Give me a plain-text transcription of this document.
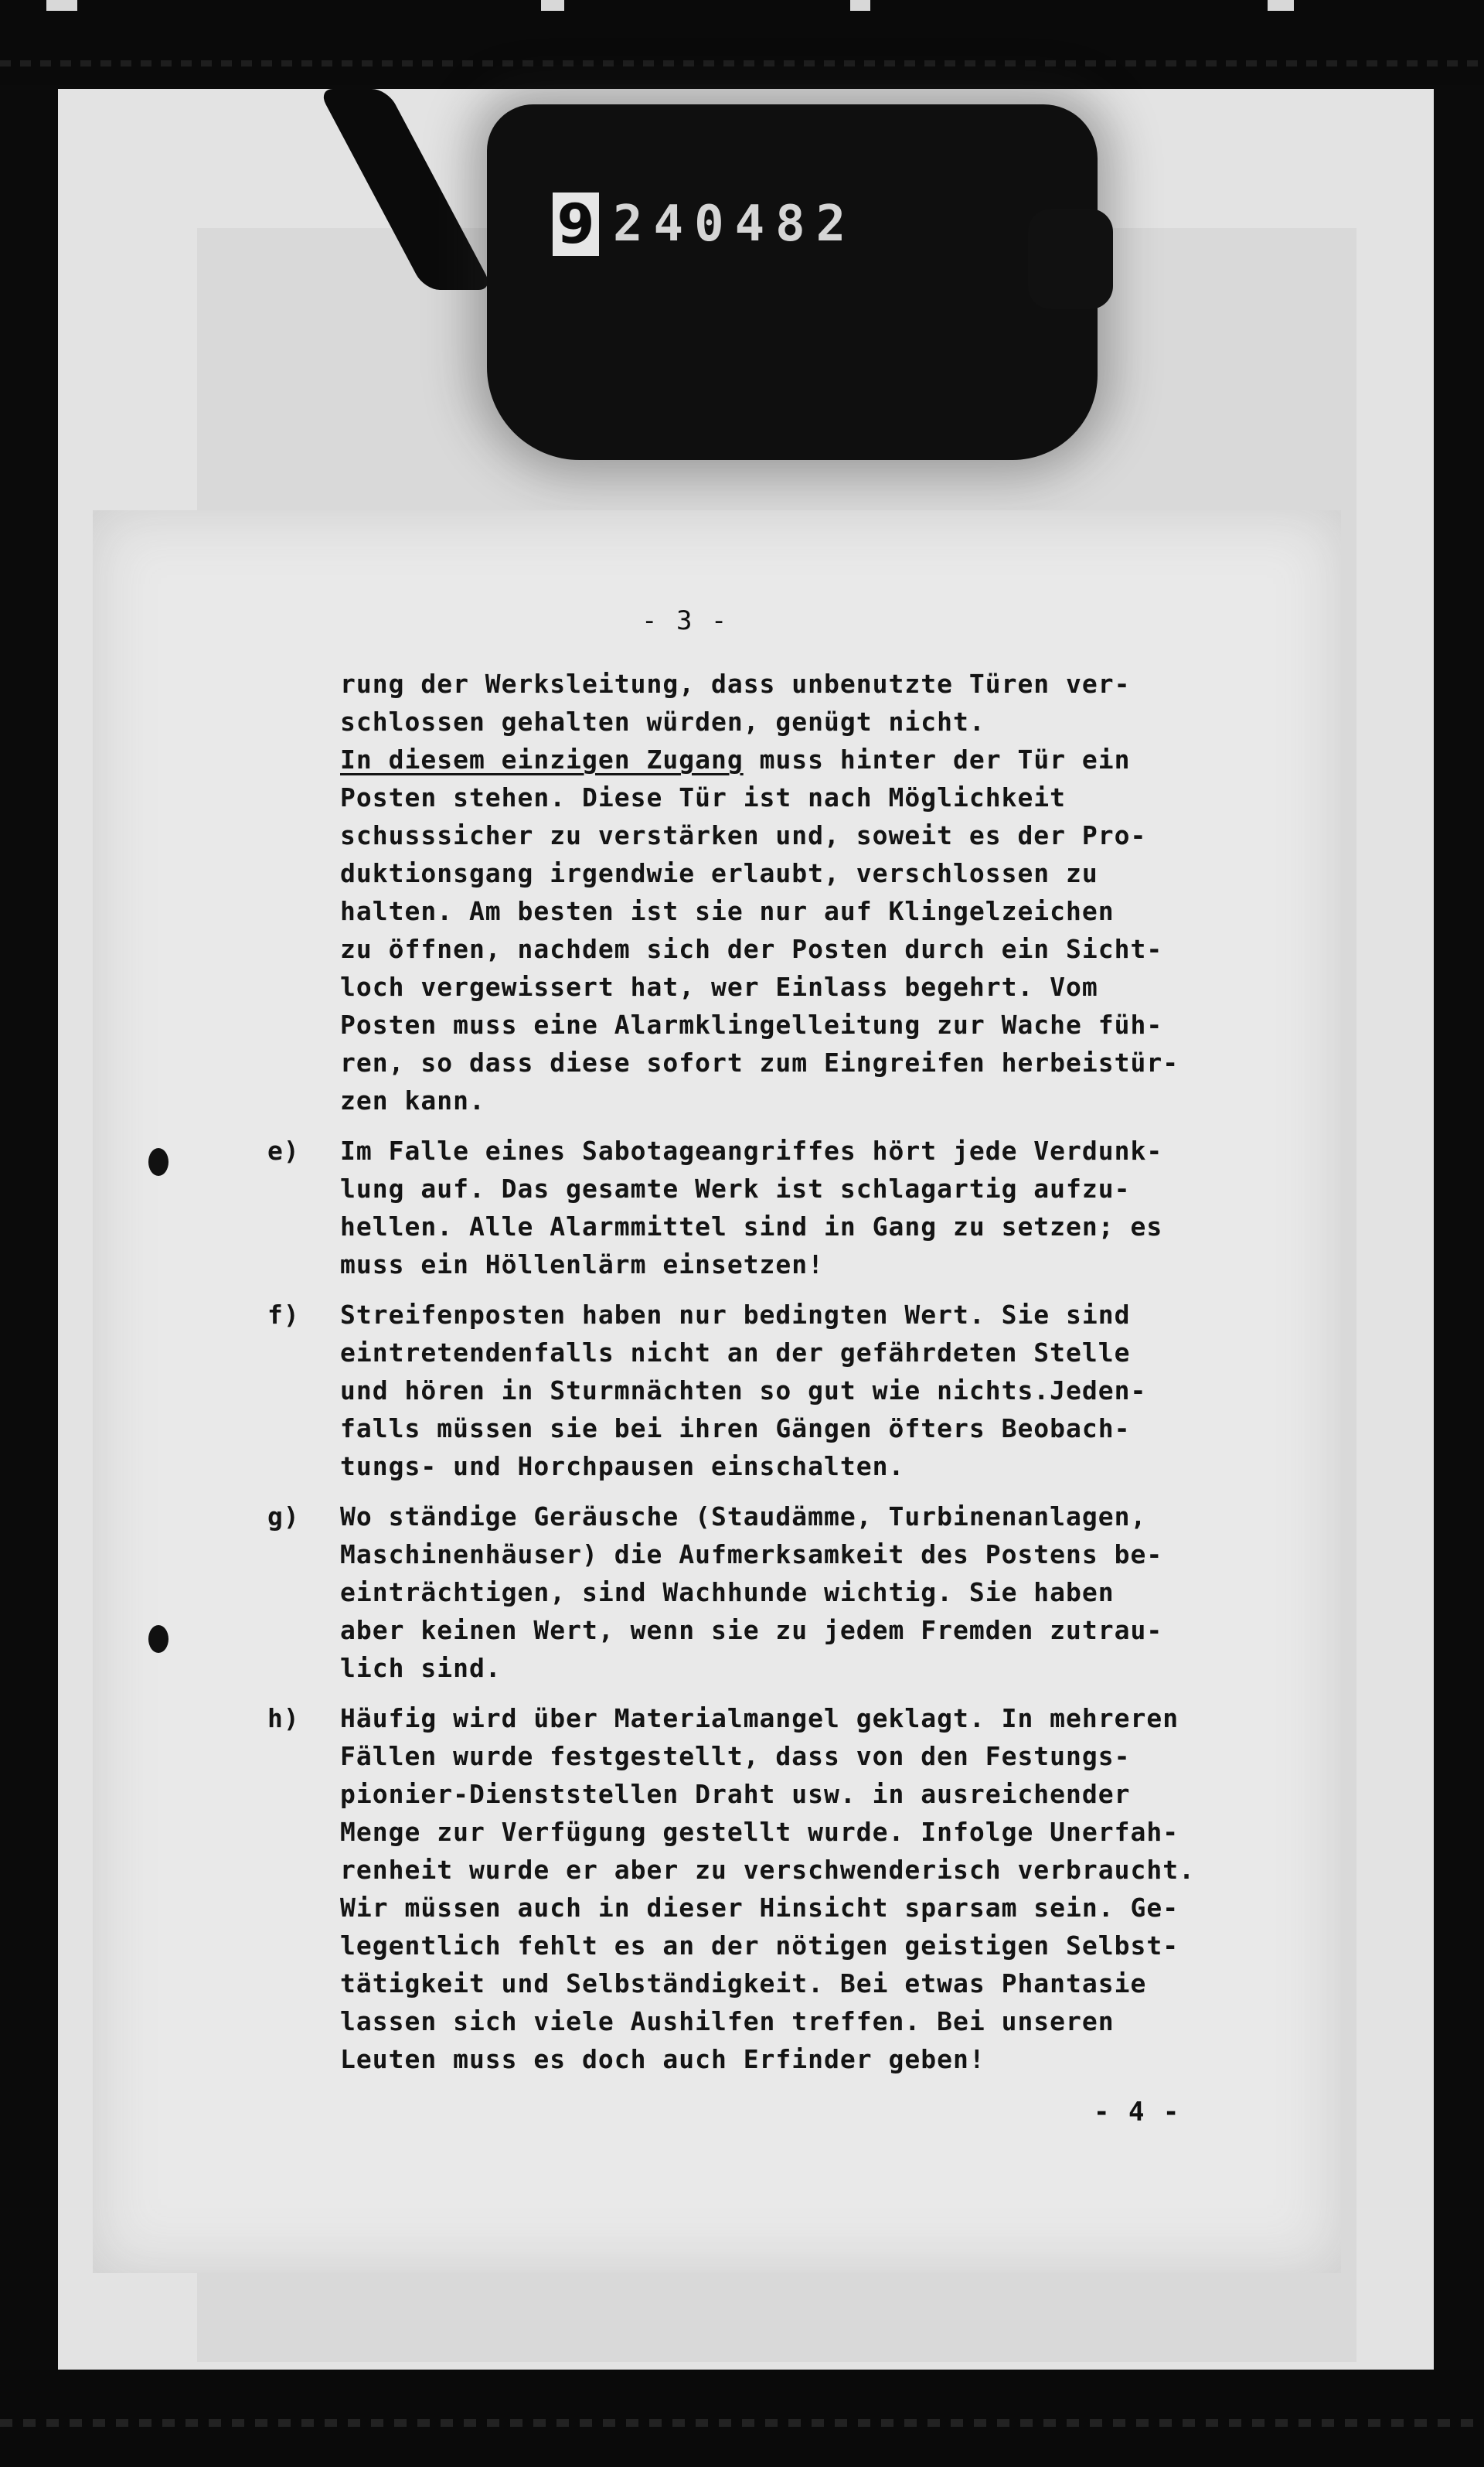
9 240482
- 3 -
rung der Werksleitung, dass unbenutzte Türen ver-
schlossen gehalten würden, genügt nicht.
In diesem einzigen Zugang muss hinter der Tür ein
Posten stehen. Diese Tür ist nach Möglichkeit
schusssicher zu verstärken und, soweit es der Pro-
duktionsgang irgendwie erlaubt, verschlossen zu
halten. Am besten ist sie nur auf Klingelzeichen
zu öffnen, nachdem sich der Posten durch ein Sicht-
loch vergewissert hat, wer Einlass begehrt. Vom
Posten muss eine Alarmklingelleitung zur Wache füh-
ren, so dass diese sofort zum Eingreifen herbeistür-
zen kann.
e)	Im Falle eines Sabotageangriffes hört jede Verdunk-
lung auf. Das gesamte Werk ist schlagartig aufzu-
hellen. Alle Alarmmittel sind in Gang zu setzen; es
muss ein Höllenlärm einsetzen!
f)	Streifenposten haben nur bedingten Wert. Sie sind
eintretendenfalls nicht an der gefährdeten Stelle
und hören in Sturmnächten so gut wie nichts.Jeden-
falls müssen sie bei ihren Gängen öfters Beobach-
tungs- und Horchpausen einschalten.
g)	Wo ständige Geräusche (Staudämme, Turbinenanlagen,
Maschinenhäuser) die Aufmerksamkeit des Postens be-
einträchtigen, sind Wachhunde wichtig. Sie haben
aber keinen Wert, wenn sie zu jedem Fremden zutrau-
lich sind.
h)	Häufig wird über Materialmangel geklagt. In mehreren
Fällen wurde festgestellt, dass von den Festungs-
pionier-Dienststellen Draht usw. in ausreichender
Menge zur Verfügung gestellt wurde. Infolge Unerfah-
renheit wurde er aber zu verschwenderisch verbraucht.
Wir müssen auch in dieser Hinsicht sparsam sein. Ge-
legentlich fehlt es an der nötigen geistigen Selbst-
tätigkeit und Selbständigkeit. Bei etwas Phantasie
lassen sich viele Aushilfen treffen. Bei unseren
Leuten muss es doch auch Erfinder geben!
- 4 -
